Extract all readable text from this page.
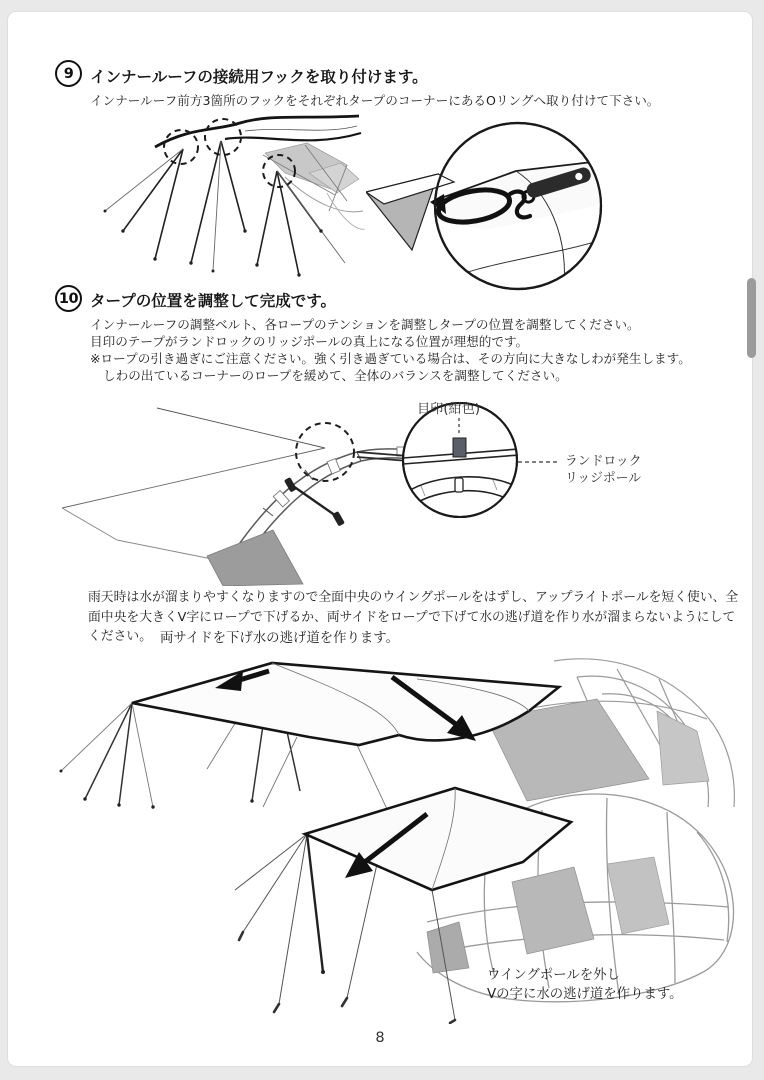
9 インナールーフの接続用フックを取り付けます。
インナールーフ前方3箇所のフックをそれぞれタープのコーナーにあるOリングへ取り付けて下さい。
10 タープの位置を調整して完成です。
インナールーフの調整ベルト、各ロープのテンションを調整しタープの位置を調整してください。
目印のテープがランドロックのリッジポールの真上になる位置が理想的です。
※ロープの引き過ぎにご注意ください。強く引き過ぎている場合は、その方向に大きなしわが発生します。
しわの出ているコーナーのロープを緩めて、全体のバランスを調整してください。
目印(紺色)
ランドロック
リッジポール
雨天時は水が溜まりやすくなりますので全面中央のウイングポールをはずし、アップライトポールを短く使い、全面中央を大きくV字にロープで下げるか、両サイドをロープで下げて水の逃げ道を作り水が溜まらないようにしてください。 両サイドを下げ水の逃げ道を作ります。
ウイングポールを外し
Vの字に水の逃げ道を作ります。
8
